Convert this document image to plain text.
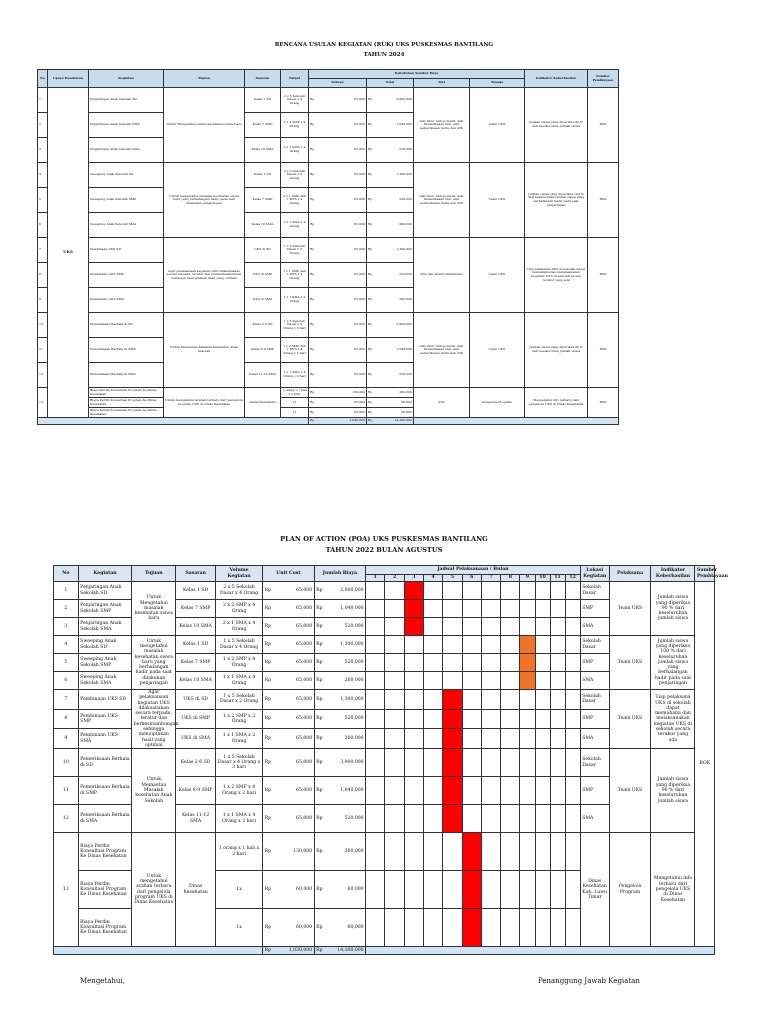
RENCANA USULAN KEGIATAN (RUK) UKS PUSKESMAS BANTILANG
TAHUN 2024
No	Upaya Kesehatan	Kegiatan	Tujuan	Sasaran	Target	Kebutuhan Sumber Daya				Indikator Keberhasilan	Sumber Pembiayaan
						Satuan	Total	Alat	Tenaga		
1	UKS	Penjaringan Anak Sekolah SD	Untuk Mengetahui status kesehatan siswa baru	Kelas 1 SD	2 x 5 Sekolah Dasar x 4 Orang	Rp 65,000	Rp 2,600,000	Alat Ukur Antopometri, Alat Pemeriksaan Gizi, alat pemeriksaan indra dan ATK	Team UKS	Jumlah siswa yang diperiksa 90 % dari keseluruhan jumlah siswa	BOK
2		Penjaringan Anak Sekolah SMP		Kelas 7 SMP	2 x 2 SMP x 4 Orang	Rp 65,000	Rp 1,040,000				

3		Penjaringan Anak Sekolah SMA		Kelas 10 SMA	2 x 1 SMA x 4 Orang	Rp 65,000	Rp 520,000				

4		Sweeping Anak Sekolah SD	Untuk mengetahui masalah kesehatan siswa baru yang berhalangan hadir pada saat dilakukan penjaringan	Kelas 1 SD	2 x 5 Sekolah Dasar x 4 Orang	Rp 65,000	Rp 1,300,000	Alat Ukur Antopometri, Alat Pemeriksaan Gizi, alat pemeriksaan indra dan ATK	Team UKS	Jumlah siswa yang diperiksa 100 % dari keseluruhan jumlah siswa yang berhalangan hadir pada saat penjaringan	BOK
5		Sweeping Anak Sekolah SMP		Kelas 7 SMP	2 x 1 SMP dan 1 MTS x 4 Orang	Rp 65,000	Rp 520,000				

6		Sweeping Anak Sekolah SMA		Kelas 10 SMA	2 x 1 SMA x 4 Orang	Rp 65,000	Rp 260,000				

7		Pembinaan UKS SD	Agar pelaksanaan kegiatan UKS dilaksanakan secara terpadu, teratur dan berkesinambungan sehingga menciptakan hasil yang optimal	UKS di SD	1 x 5 Sekolah Dasar x 2 Orang	Rp 65,000	Rp 1,300,000	ATK dan Modul Pembinaan	Team UKS	Tiap pelaksana UKS di sekolah dapat memahami dan melaksanakan kegiatan UKS di sekolah secara terukur yang ada	BOK
8		Pembinaan UKS SMP		UKS di SMP	1 x 1 SMP dan 1 MTS x 2 Orang	Rp 65,000	Rp 520,000				

9		Pembinaan UKS SMA		UKS di SMA	1 x 1 SMA x 2 Orang	Rp 65,000	Rp 260,000				

10		Pemeriksaan Berkala di SD	Untuk Memantau Masalah kesehatan Anak Sekolah	Kelas 2-6 SD	1 x 5 Sekolah Dasar x 4 Orang x 3 hari	Rp 65,000	Rp 3,900,000	Alat Ukur Antopometri, Alat Pemeriksaan Gizi, alat pemeriksaan indra dan ATK	Team UKS	Jumlah siswa yang diperiksa 90 % dari keseluruhan jumlah siswa	BOK
11		Pemeriksaan Berkala di SMP		Kelas 8-9 SMP	1 x 2 SMP dan 1 MTS x 4 Orang x 2 hari	Rp 65,000	Rp 1,040,000				

12		Pemeriksaan Berkala di SMA		Kelas 11-12 SMA	1 x 1 SMA x 4 Orang x 2 hari	Rp 65,000	Rp 520,000				

13		Biaya Perdin Konsultasi Program Ke Dinas Kesehatan	Untuk mengetahui arahan terbaru dari pengelola program UKS di Dinas Kesehatan	Dinas Kesehatan	1 orang x 1 kali x 2 hari	Rp 130,000	Rp 260,000	ATK	Pengelola Program	Mengetahui info terbaru dari pengelola UKS di Dinas Kesehatan	BOK
		Biaya Perdin Konsultasi Program Ke Dinas Kesehatan			1x	Rp 60,000	Rp 60,000				

		Biaya Perdin Konsultasi Program Ke Dinas Kesehatan			1x	Rp 60,000	Rp 60,000				

						Rp 1,030,000	Rp 14,160,000				

PLAN OF ACTION (POA) UKS PUSKESMAS BANTILANG
TAHUN 2022 BULAN AGUSTUS
No	Kegiatan	Tujuan	Sasaran	Volume Kegiatan	Unit Cost	Jumlah Biaya	Jadwal Pelaksanaan / Bulan												Lokasi Kegiatan	Pelaksana	Indikator Keberhasilan	Sumber Pembiayaan
							1	2	3	4	5	6	7	8	9	10	11	12				
1	Penjaringan Anak Sekolah SD	Untuk Mengetahui masalah kesehatan siswa baru	Kelas 1 SD	2 x 5 Sekolah Dasar x 4 Orang	Rp 65,000	Rp 2,600,000													Sekolah Dasar	Team UKS	Jumlah siswa yang diperiksa 90 % dari keseluruhan jumlah siswa	BOK
2	Penjaringan Anak Sekolah SMP		Kelas 7 SMP	2 x 2 SMP x 4 Orang	Rp 65,000	Rp 1,040,000													SMP			
3	Penjaringan Anak Sekolah SMA		Kelas 10 SMA	2 x 1 SMA x 4 Orang	Rp 65,000	Rp 520,000													SMA			
4	Sweeping Anak Sekolah SD	Untuk mengetahui masalah kesehatan siswa baru yang berhalangan hadir pada saat dilakukan penjaringan	Kelas 1 SD	1 x 5 Sekolah Dasar x 4 Orang	Rp 65,000	Rp 1,300,000													Sekolah Dasar	Team UKS	Jumlah siswa yang diperiksa 100 % dari keseluruhan jumlah siswa yang berhalangan hadir pada saat penjaringan	
5	Sweeping Anak Sekolah SMP		Kelas 7 SMP	1 x 2 SMP x 4 Orang	Rp 65,000	Rp 520,000													SMP			
6	Sweeping Anak Sekolah SMA		Kelas 10 SMA	1 x 1 SMA x 4 Orang	Rp 65,000	Rp 260,000													SMA			
7	Pembinaan UKS SD	Agar pelaksanaan kegiatan UKS dilaksanakan secara terpadu, teratur dan berkesinambungan sehingga menciptakan hasil yang optimal	UKS di SD	1 x 5 Sekolah Dasar x 2 Orang	Rp 65,000	Rp 1,300,000													Sekolah Dasar	Team UKS	Tiap pelaksana UKS di sekolah dapat memahami dan melaksanakan kegiatan UKS di sekolah secara terukur yang ada	
8	Pembinaan UKS SMP		UKS di SMP	1 x 2 SMP x 2 Orang	Rp 65,000	Rp 520,000													SMP			
9	Pembinaan UKS SMA		UKS di SMA	1 x 1 SMA x 2 Orang	Rp 65,000	Rp 260,000													SMA			
10	Pemeriksaan Berkala di SD	Untuk Memantau Masalah kesehatan Anak Sekolah	Kelas 2-6 SD	1 x 5 Sekolah Dasar x 4 Orang x 3 hari	Rp 65,000	Rp 3,900,000													Sekolah Dasar	Team UKS	Jumlah siswa yang diperiksa 90 % dari keseluruhan jumlah siswa	
11	Pemeriksaan Berkala di SMP		Kelas 8-9 SMP	1 x 2 SMP x 4 Orang x 2 hari	Rp 65,000	Rp 1,040,000													SMP			
12	Pemeriksaan Berkala di SMA		Kelas 11-12 SMA	1 x 1 SMA x 4 Orang x 2 hari	Rp 65,000	Rp 520,000													SMA			
13	Biaya Perdin Konsultasi Program Ke Dinas Kesehatan	Untuk mengetahui arahan terbaru dari pengelola program UKS di Dinas Kesehatan	Dinas Kesehatan	1 orang x 1 kali x 2 hari	Rp 130,000	Rp 260,000													Dinas Kesehatan Kab. Luwu Timur	Pengelola Program	Mengetahui info terbaru dari pengelola UKS di Dinas Kesehatan	
	Biaya Perdin Konsultasi Program Ke Dinas Kesehatan			1x	Rp 60,000	Rp 60,000																

	Biaya Perdin Konsultasi Program Ke Dinas Kesehatan			1x	Rp 60,000	Rp 60,000																

					Rp 1,030,000	Rp 14,160,000																

Mengetahui,	Penanggung Jawab Kegiatan
